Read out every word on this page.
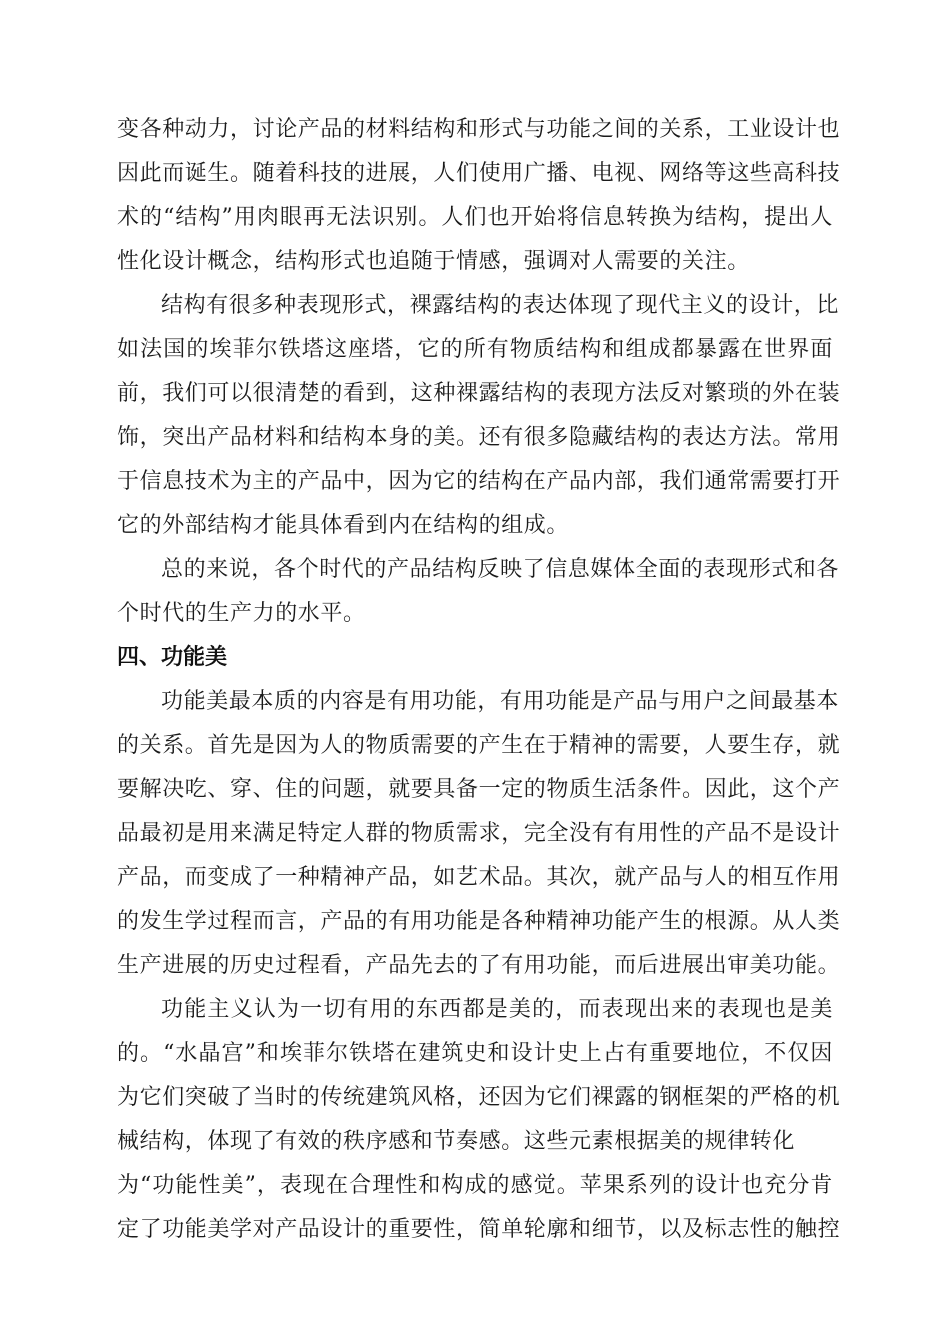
变各种动力，讨论产品的材料结构和形式与功能之间的关系，工业设计也
因此而诞生。随着科技的进展，人们使用广播、电视、网络等这些高科技
术的“结构”用肉眼再无法识别。人们也开始将信息转换为结构，提出人
性化设计概念，结构形式也追随于情感，强调对人需要的关注。
结构有很多种表现形式，裸露结构的表达体现了现代主义的设计，比
如法国的埃菲尔铁塔这座塔，它的所有物质结构和组成都暴露在世界面
前，我们可以很清楚的看到，这种裸露结构的表现方法反对繁琐的外在装
饰，突出产品材料和结构本身的美。还有很多隐藏结构的表达方法。常用
于信息技术为主的产品中，因为它的结构在产品内部，我们通常需要打开
它的外部结构才能具体看到内在结构的组成。
总的来说，各个时代的产品结构反映了信息媒体全面的表现形式和各
个时代的生产力的水平。
四、功能美
功能美最本质的内容是有用功能，有用功能是产品与用户之间最基本
的关系。首先是因为人的物质需要的产生在于精神的需要，人要生存，就
要解决吃、穿、住的问题，就要具备一定的物质生活条件。因此，这个产
品最初是用来满足特定人群的物质需求，完全没有有用性的产品不是设计
产品，而变成了一种精神产品，如艺术品。其次，就产品与人的相互作用
的发生学过程而言，产品的有用功能是各种精神功能产生的根源。从人类
生产进展的历史过程看，产品先去的了有用功能，而后进展出审美功能。
功能主义认为一切有用的东西都是美的，而表现出来的表现也是美
的。“水晶宫”和埃菲尔铁塔在建筑史和设计史上占有重要地位，不仅因
为它们突破了当时的传统建筑风格，还因为它们裸露的钢框架的严格的机
械结构，体现了有效的秩序感和节奏感。这些元素根据美的规律转化
为“功能性美”，表现在合理性和构成的感觉。苹果系列的设计也充分肯
定了功能美学对产品设计的重要性，简单轮廓和细节，以及标志性的触控
